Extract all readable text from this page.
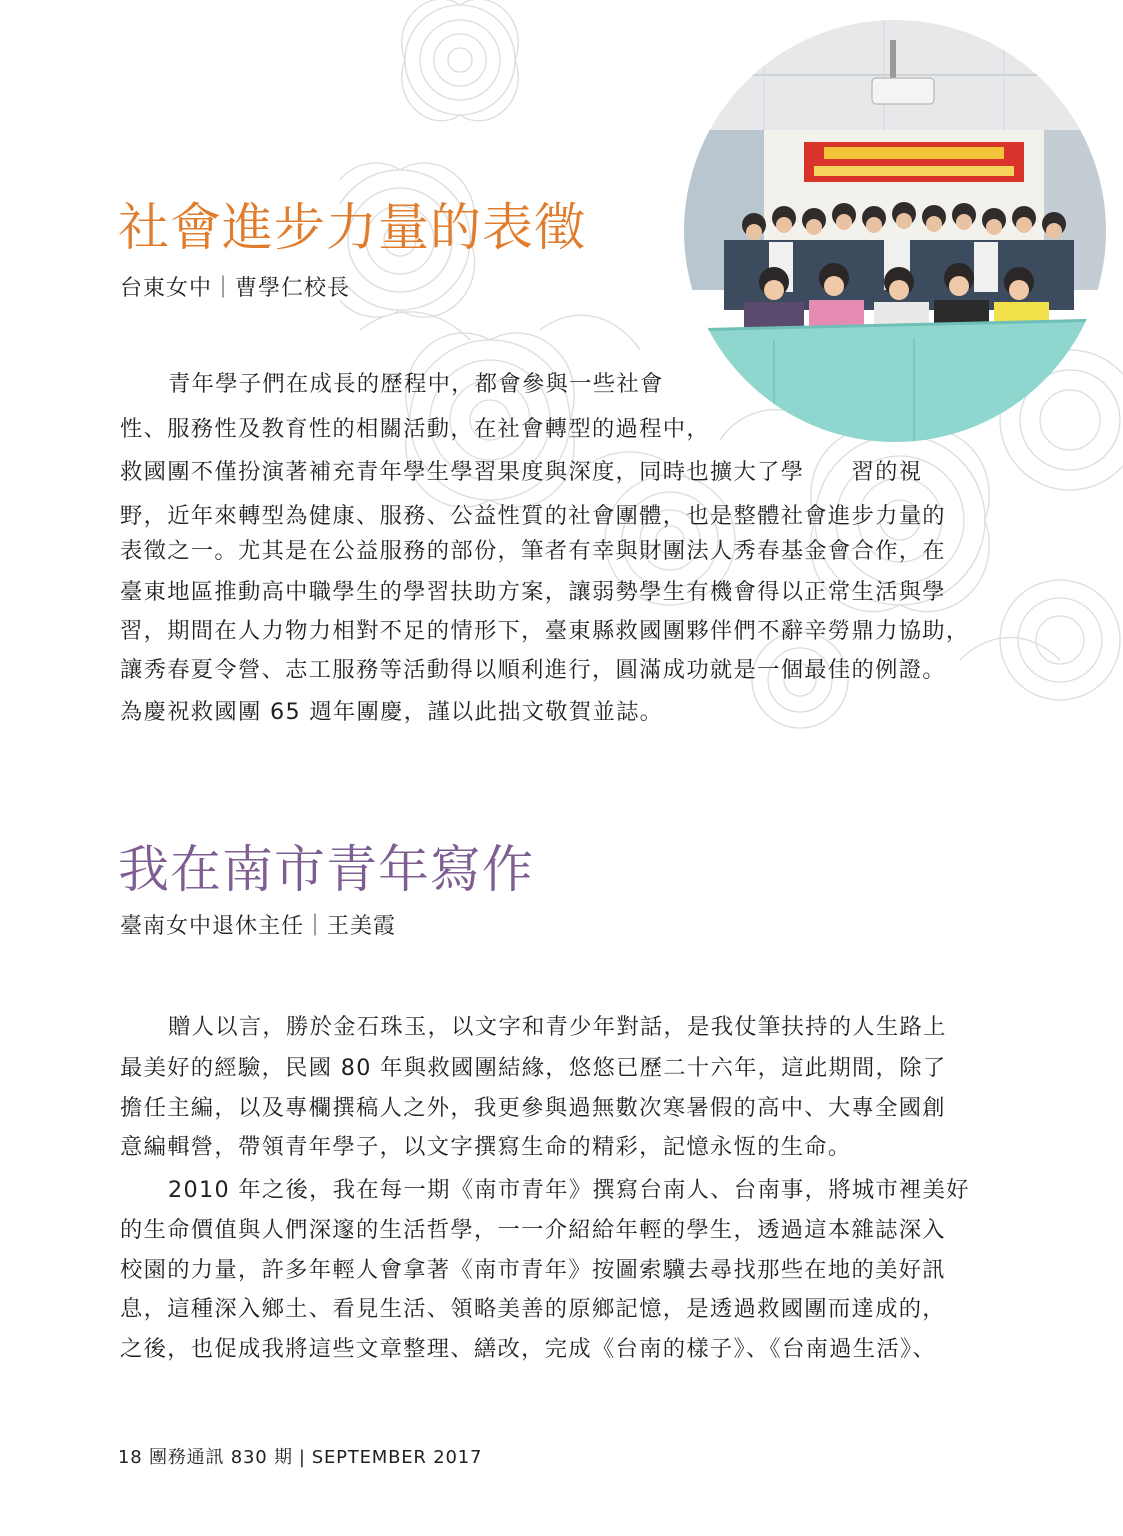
社會進步力量的表徵

台東女中｜曹學仁校長

青年學子們在成長的歷程中，都會參與一些社會

性、服務性及教育性的相關活動，在社會轉型的過程中，

救國團不僅扮演著補充青年學生學習果度與深度，同時也擴大了學　　習的視

野，近年來轉型為健康、服務、公益性質的社會團體，也是整體社會進步力量的

表徵之一。尤其是在公益服務的部份，筆者有幸與財團法人秀春基金會合作，在

臺東地區推動高中職學生的學習扶助方案，讓弱勢學生有機會得以正常生活與學

習，期間在人力物力相對不足的情形下，臺東縣救國團夥伴們不辭辛勞鼎力協助，

讓秀春夏令營、志工服務等活動得以順利進行，圓滿成功就是一個最佳的例證。

為慶祝救國團 65 週年團慶，謹以此拙文敬賀並誌。

我在南市青年寫作

臺南女中退休主任｜王美霞

贈人以言，勝於金石珠玉，以文字和青少年對話，是我仗筆扶持的人生路上

最美好的經驗，民國 80 年與救國團結緣，悠悠已歷二十六年，這此期間，除了

擔任主編，以及專欄撰稿人之外，我更參與過無數次寒暑假的高中、大專全國創

意編輯營，帶領青年學子，以文字撰寫生命的精彩，記憶永恆的生命。

2010 年之後，我在每一期《南市青年》撰寫台南人、台南事，將城市裡美好

的生命價值與人們深邃的生活哲學，一一介紹給年輕的學生，透過這本雜誌深入

校園的力量，許多年輕人會拿著《南市青年》按圖索驥去尋找那些在地的美好訊

息，這種深入鄉土、看見生活、領略美善的原鄉記憶，是透過救國團而達成的，

之後，也促成我將這些文章整理、繕改，完成《台南的樣子》、《台南過生活》、

18 團務通訊 830 期 | SEPTEMBER 2017
